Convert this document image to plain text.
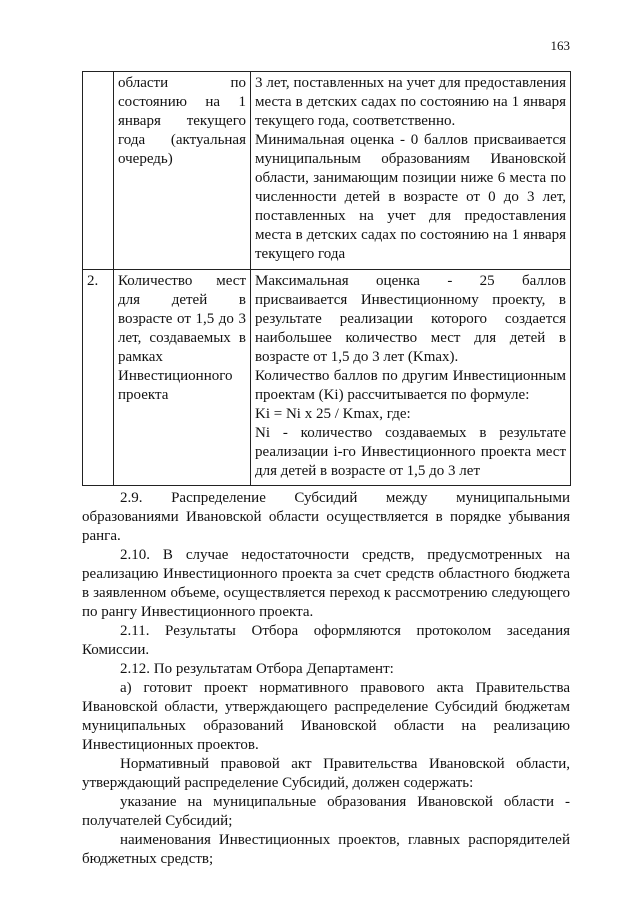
163
	области по состоянию на 1 января текущего года (актуальная очередь)	3 лет, поставленных на учет для предоставления места в детских садах по состоянию на 1 января текущего года, соответственно.
Минимальная оценка - 0 баллов присваивается муниципальным образованиям Ивановской области, занимающим позиции ниже 6 места по численности детей в возрасте от 0 до 3 лет, поставленных на учет для предоставления места в детских садах по состоянию на 1 января текущего года

2.	Количество мест для детей в возрасте от 1,5 до 3 лет, создаваемых в рамках Инвестиционного проекта	Максимальная оценка - 25 баллов присваивается Инвестиционному проекту, в результате реализации которого создается наибольшее количество мест для детей в возрасте от 1,5 до 3 лет (Kmax).
Количество баллов по другим Инвестиционным проектам (Ki) рассчитывается по формуле:
Ki = Ni x 25 / Kmax, где:
Ni - количество создаваемых в результате реализации i-го Инвестиционного проекта мест для детей в возрасте от 1,5 до 3 лет

2.9. Распределение Субсидий между муниципальными образованиями Ивановской области осуществляется в порядке убывания ранга.

2.10. В случае недостаточности средств, предусмотренных на реализацию Инвестиционного проекта за счет средств областного бюджета в заявленном объеме, осуществляется переход к рассмотрению следующего по рангу Инвестиционного проекта.

2.11. Результаты Отбора оформляются протоколом заседания Комиссии.

2.12. По результатам Отбора Департамент:

а) готовит проект нормативного правового акта Правительства Ивановской области, утверждающего распределение Субсидий бюджетам муниципальных образований Ивановской области на реализацию Инвестиционных проектов.

Нормативный правовой акт Правительства Ивановской области, утверждающий распределение Субсидий, должен содержать:

указание на муниципальные образования Ивановской области - получателей Субсидий;

наименования Инвестиционных проектов, главных распорядителей бюджетных средств;
